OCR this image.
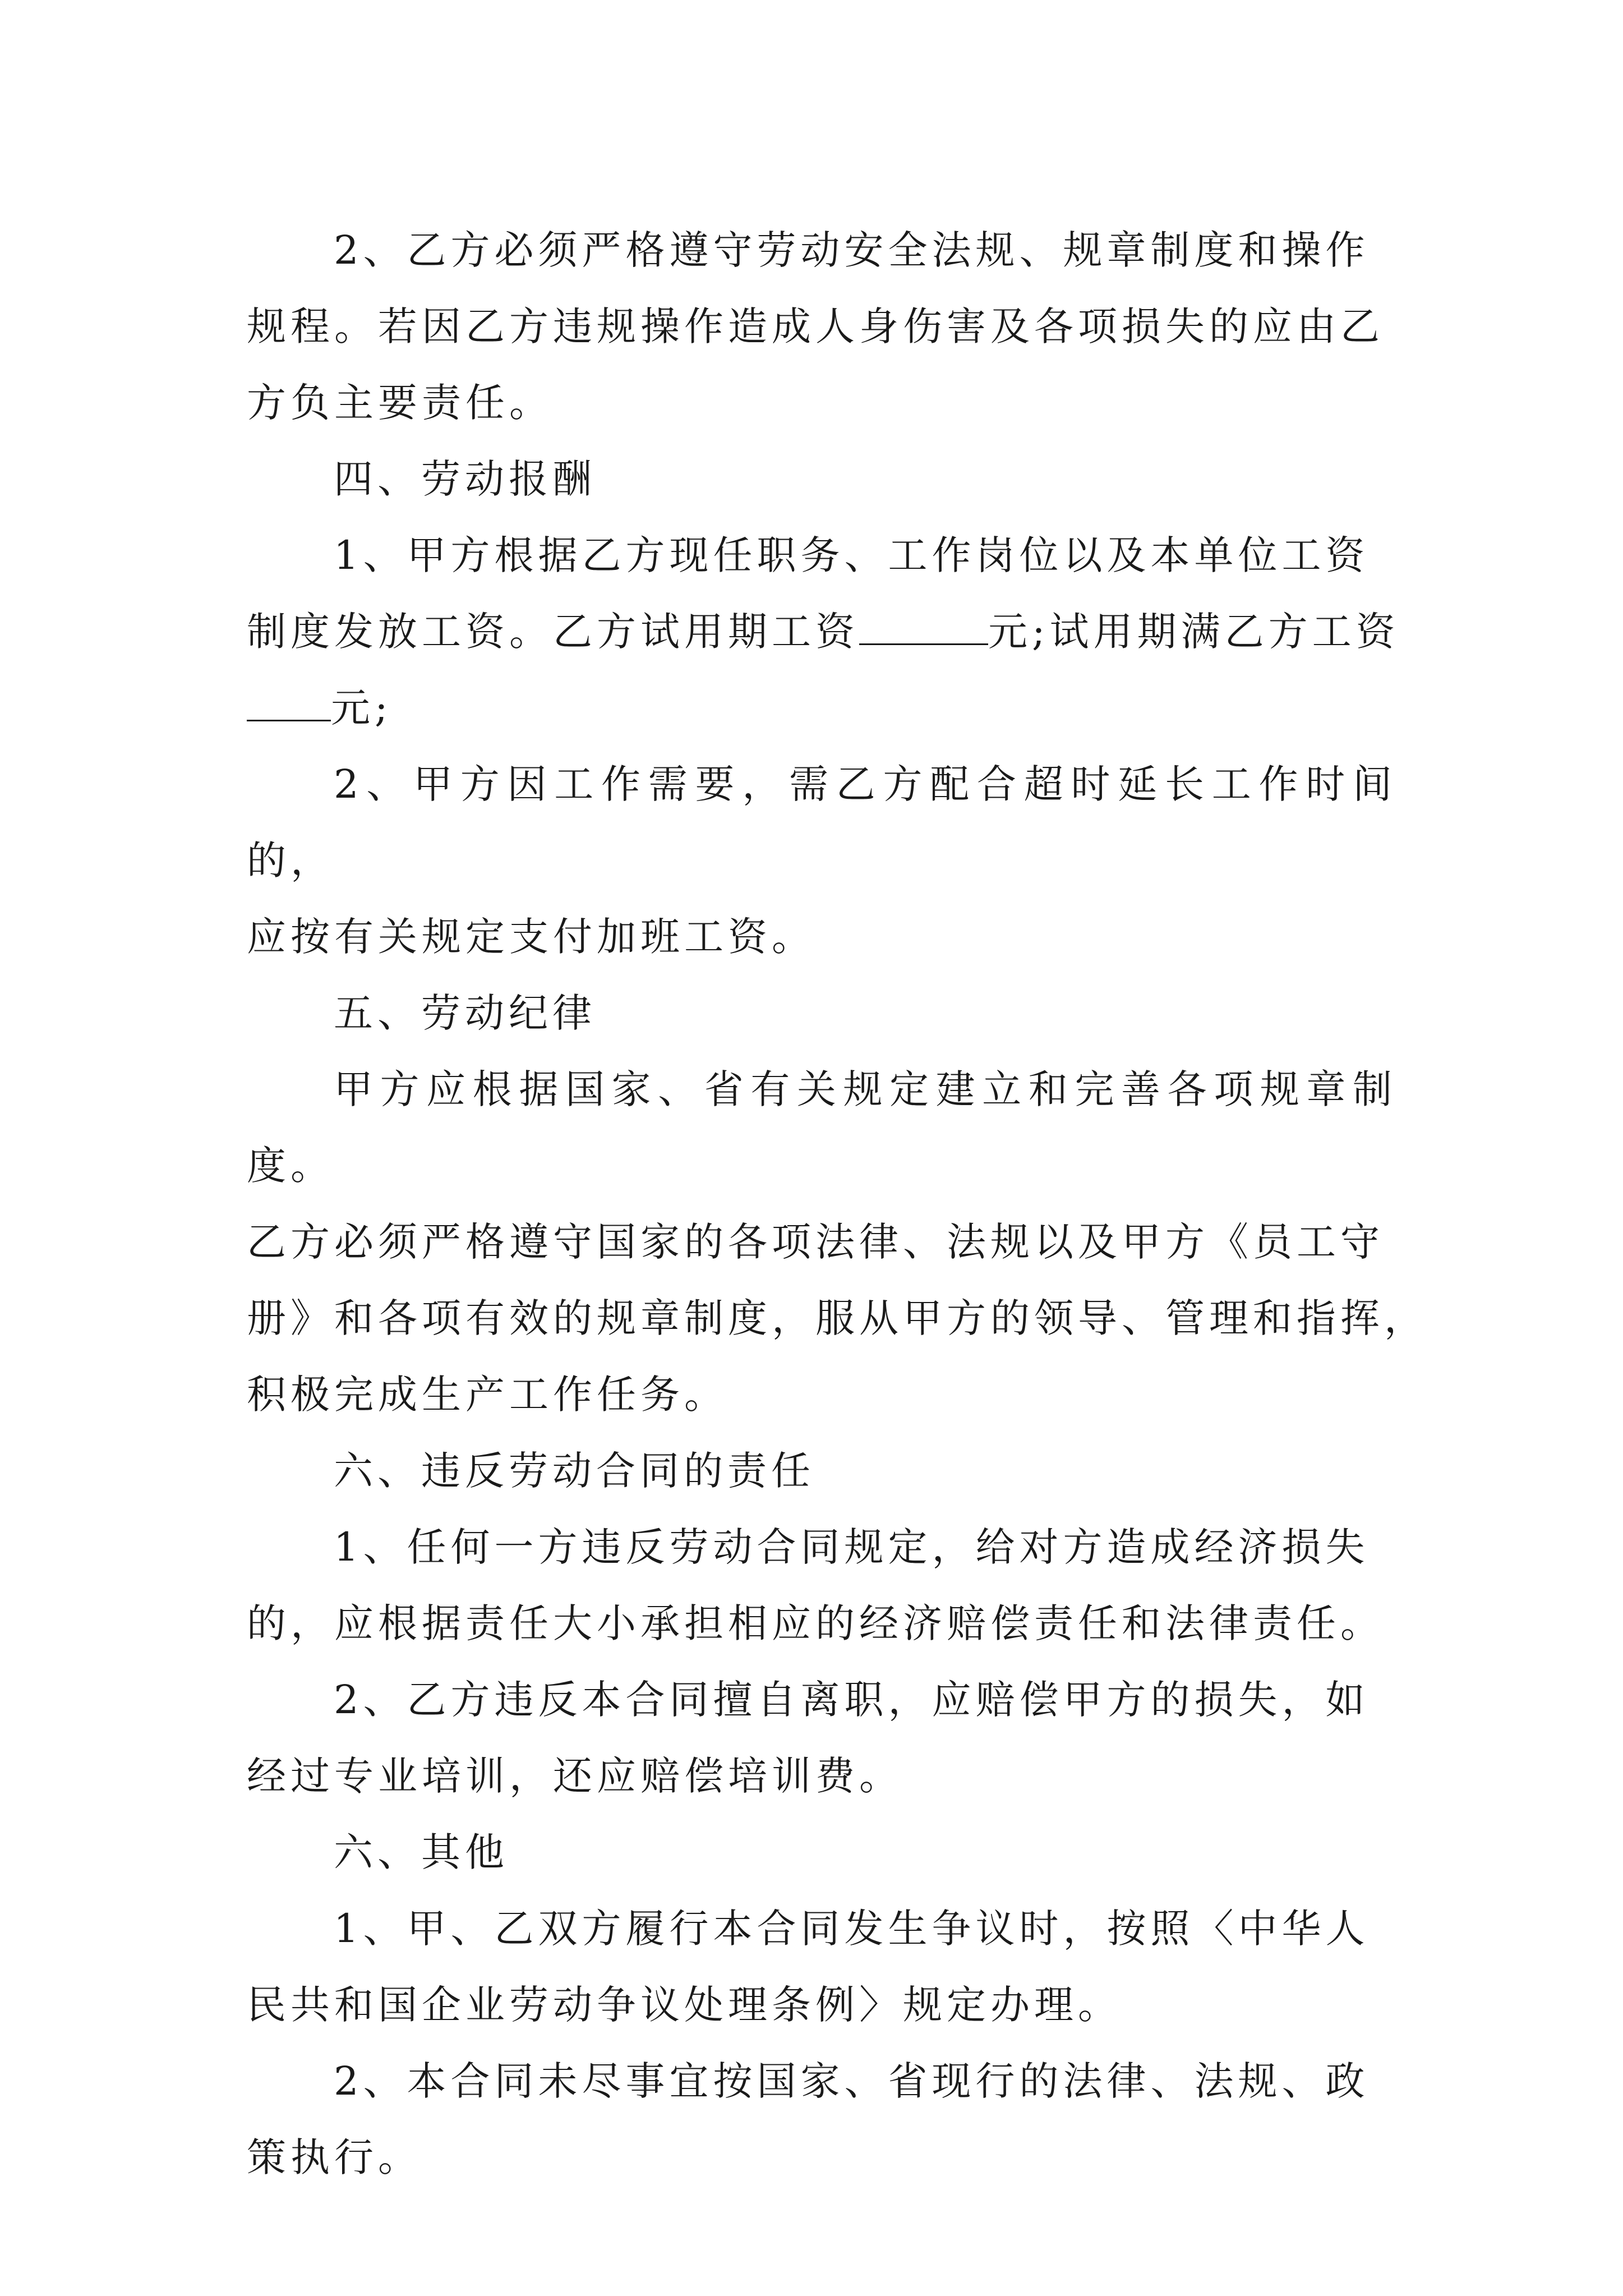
2、乙方必须严格遵守劳动安全法规、规章制度和操作

规程。若因乙方违规操作造成人身伤害及各项损失的应由乙
方负主要责任。

四、劳动报酬

1、甲方根据乙方现任职务、工作岗位以及本单位工资

制度发放工资。乙方试用期工资	元;试用期满乙方工资
元;

2、甲方因工作需要，需乙方配合超时延长工作时间的，

应按有关规定支付加班工资。

五、劳动纪律

甲方应根据国家、省有关规定建立和完善各项规章制度。

乙方必须严格遵守国家的各项法律、法规以及甲方《员工守
册》和各项有效的规章制度，服从甲方的领导、管理和指挥，
积极完成生产工作任务。

六、违反劳动合同的责任

1、任何一方违反劳动合同规定，给对方造成经济损失

的，应根据责任大小承担相应的经济赔偿责任和法律责任。

2、乙方违反本合同擅自离职，应赔偿甲方的损失，如

经过专业培训，还应赔偿培训费。

六、其他

1、甲、乙双方履行本合同发生争议时，按照〈中华人

民共和国企业劳动争议处理条例〉规定办理。

2、本合同未尽事宜按国家、省现行的法律、法规、政

策执行。
